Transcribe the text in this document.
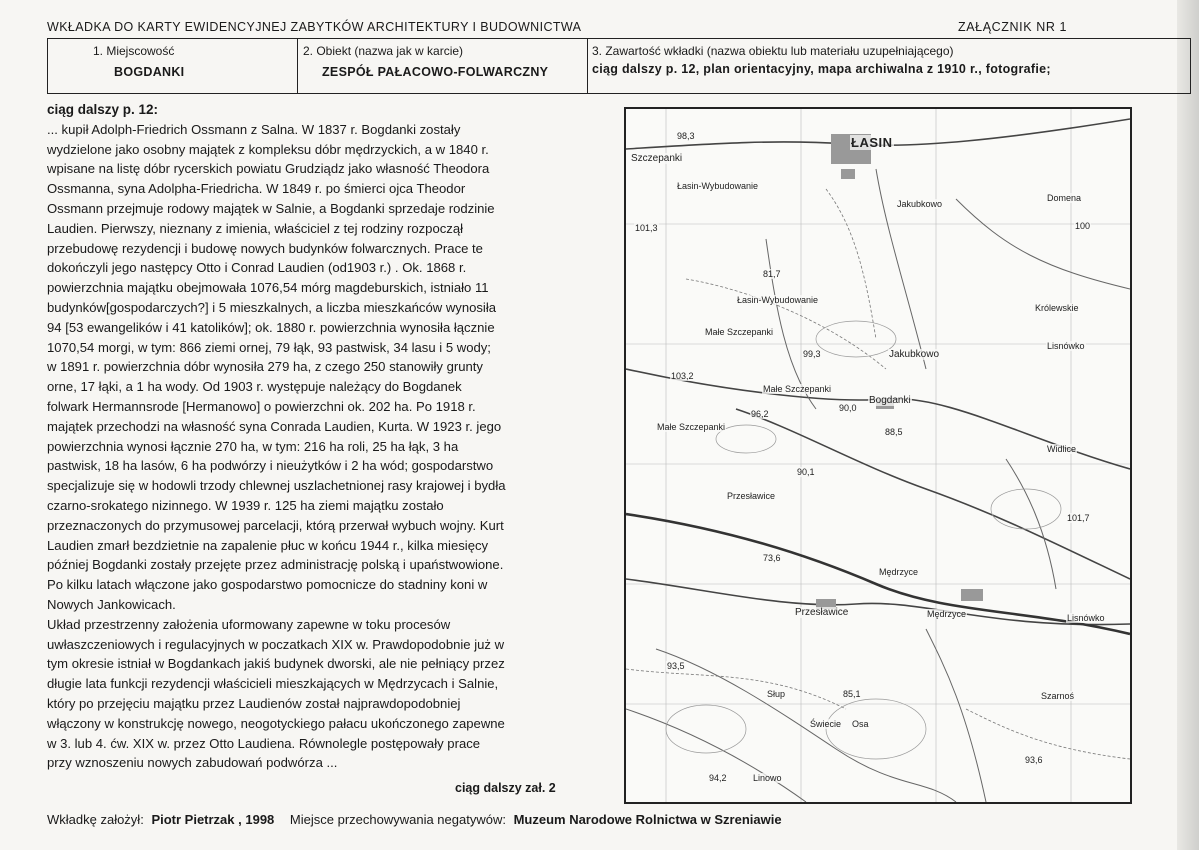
WKŁADKA DO KARTY EWIDENCYJNEJ ZABYTKÓW ARCHITEKTURY I BUDOWNICTWA	ZAŁĄCZNIK NR 1
1. Miejscowość
BOGDANKI
2. Obiekt (nazwa jak w karcie)
ZESPÓŁ PAŁACOWO-FOLWARCZNY
3. Zawartość wkładki (nazwa obiektu lub materiału uzupełniającego)
ciąg dalszy p. 12, plan orientacyjny, mapa archiwalna z 1910 r., fotografie;

ciąg dalszy p. 12:

... kupił Adolph-Friedrich Ossmann z Salna. W 1837 r. Bogdanki zostały
wydzielone jako osobny majątek z kompleksu dóbr mędrzyckich, a w 1840 r.
wpisane na listę dóbr rycerskich powiatu Grudziądz jako własność Theodora
Ossmanna, syna Adolpha-Friedricha. W 1849 r. po śmierci ojca Theodor
Ossmann przejmuje rodowy majątek w Salnie, a Bogdanki sprzedaje rodzinie
Laudien. Pierwszy, nieznany z imienia, właściciel z tej rodziny rozpoczął
przebudowę rezydencji i budowę nowych budynków folwarcznych. Prace te
dokończyli jego następcy Otto i Conrad Laudien (od1903 r.) . Ok. 1868 r.
powierzchnia majątku obejmowała 1076,54 mórg magdeburskich, istniało 11
budynków[gospodarczych?] i 5 mieszkalnych, a liczba mieszkańców wynosiła
94 [53 ewangelików i 41 katolików]; ok. 1880 r. powierzchnia wynosiła łącznie
1070,54 morgi, w tym: 866 ziemi ornej, 79 łąk, 93 pastwisk, 34 lasu i 5 wody;
w 1891 r. powierzchnia dóbr wynosiła 279 ha, z czego 250 stanowiły grunty
orne, 17 łąki, a 1 ha wody. Od 1903 r. występuje należący do Bogdanek
folwark Hermannsrode [Hermanowo] o powierzchni ok. 202 ha. Po 1918 r.
majątek przechodzi na własność syna Conrada Laudien, Kurta. W 1923 r. jego
powierzchnia wynosi łącznie 270 ha, w tym: 216 ha roli, 25 ha łąk, 3 ha
pastwisk, 18 ha lasów, 6 ha podwórzy i nieużytków i 2 ha wód; gospodarstwo
specjalizuje się w hodowli trzody chlewnej uszlachetnionej rasy krajowej i bydła
czarno-srokatego nizinnego. W 1939 r. 125 ha ziemi majątku zostało
przeznaczonych do przymusowej parcelacji, którą przerwał wybuch wojny. Kurt
Laudien zmarł bezdzietnie na zapalenie płuc w końcu 1944 r., kilka miesięcy
później Bogdanki zostały przejęte przez administrację polską i upaństwowione.
Po kilku latach włączone jako gospodarstwo pomocnicze do stadniny koni w
Nowych Jankowicach.
Układ przestrzenny założenia uformowany zapewne w toku procesów
uwłaszczeniowych i regulacyjnych w poczatkach XIX w. Prawdopodobnie już w
tym okresie istniał w Bogdankach jakiś budynek dworski, ale nie pełniący przez
długie lata funkcji rezydencji właścicieli mieszkających w Mędrzycach i Salnie,
który po przejęciu majątku przez Laudienów został najprawdopodobniej
włączony w konstrukcję nowego, neogotyckiego pałacu ukończonego zapewne
w 3. lub 4. ćw. XIX w. przez Otto Laudiena. Równolegle postępowały prace
przy wznoszeniu nowych zabudowań podwórza ...
ciąg dalszy zał. 2
ŁASIN
Szczepanki
Łasin-Wybudowanie
Jakubkowo
Domena
Królewskie
Lisnówko
Jakubkowo
Małe Szczepanki
Bogdanki
Małe Szczepanki
Małe Szczepanki
Łasin-Wybudowanie
Widlice
Przesławice
Przesławice
Mędrzyce
Mędrzyce	Lisnówko
Słup
Świecie Osa
Szarnoś
Linowo
98,3
101,3
81,7
99,3
103,2
96,2
90,0
88,5
90,1
73,6
101,7
93,5
85,1
94,2
93,6
100
Wkładkę założył: Piotr Pietrzak , 1998 Miejsce przechowywania negatywów: Muzeum Narodowe Rolnictwa w Szreniawie
